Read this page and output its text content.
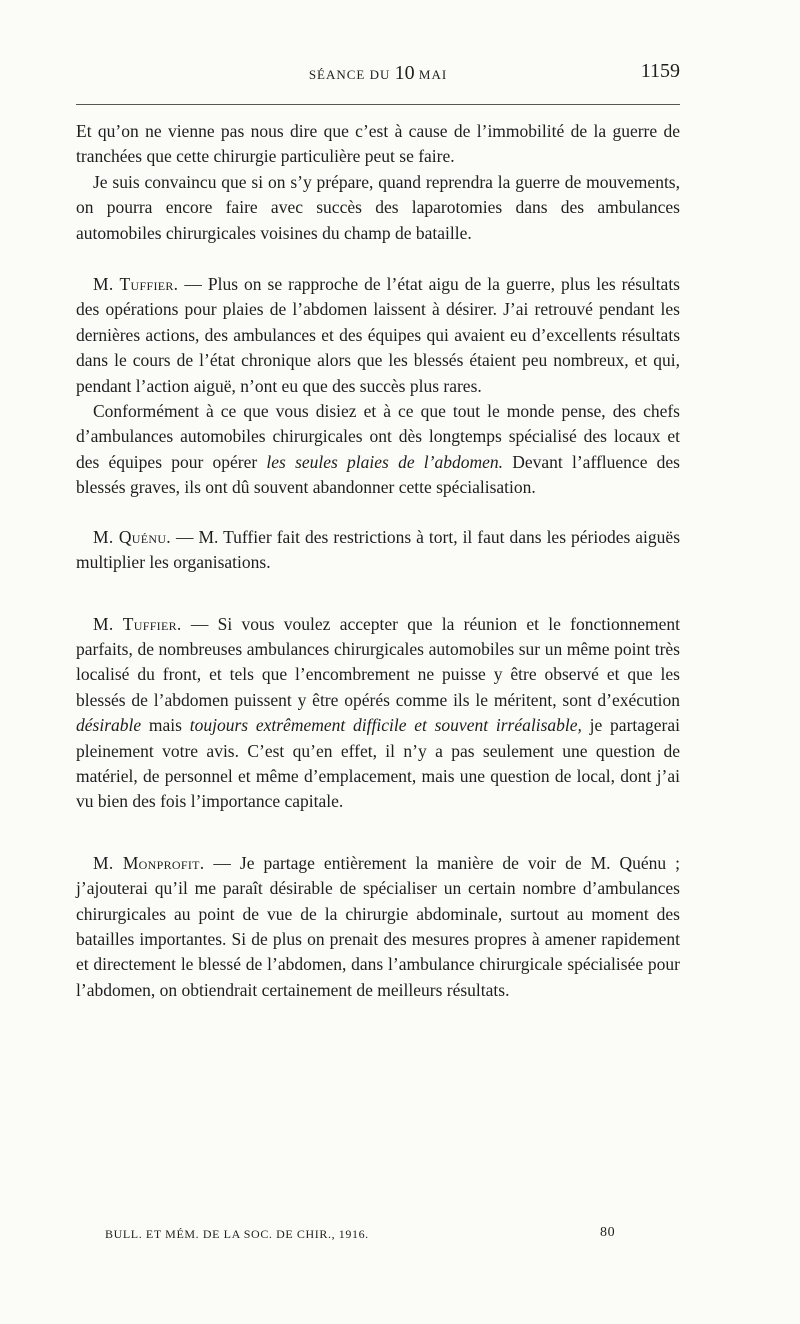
SÉANCE DU 10 MAI	1159

Et qu’on ne vienne pas nous dire que c’est à cause de l’immobilité de la guerre de tranchées que cette chirurgie particulière peut se faire.

Je suis convaincu que si on s’y prépare, quand reprendra la guerre de mouvements, on pourra encore faire avec succès des laparotomies dans des ambulances automobiles chirurgicales voisines du champ de bataille.

M. Tuffier. — Plus on se rapproche de l’état aigu de la guerre, plus les résultats des opérations pour plaies de l’abdomen laissent à désirer. J’ai retrouvé pendant les dernières actions, des ambulances et des équipes qui avaient eu d’excellents résultats dans le cours de l’état chronique alors que les blessés étaient peu nombreux, et qui, pendant l’action aiguë, n’ont eu que des succès plus rares.

Conformément à ce que vous disiez et à ce que tout le monde pense, des chefs d’ambulances automobiles chirurgicales ont dès longtemps spécialisé des locaux et des équipes pour opérer les seules plaies de l’abdomen. Devant l’affluence des blessés graves, ils ont dû souvent abandonner cette spécialisation.

M. Quénu. — M. Tuffier fait des restrictions à tort, il faut dans les périodes aiguës multiplier les organisations.

M. Tuffier. — Si vous voulez accepter que la réunion et le fonctionnement parfaits, de nombreuses ambulances chirurgicales automobiles sur un même point très localisé du front, et tels que l’encombrement ne puisse y être observé et que les blessés de l’abdomen puissent y être opérés comme ils le méritent, sont d’exécution désirable mais toujours extrêmement difficile et souvent irréalisable, je partagerai pleinement votre avis. C’est qu’en effet, il n’y a pas seulement une question de matériel, de personnel et même d’emplacement, mais une question de local, dont j’ai vu bien des fois l’importance capitale.

M. Monprofit. — Je partage entièrement la manière de voir de M. Quénu ; j’ajouterai qu’il me paraît désirable de spécialiser un certain nombre d’ambulances chirurgicales au point de vue de la chirurgie abdominale, surtout au moment des batailles importantes. Si de plus on prenait des mesures propres à amener rapidement et directement le blessé de l’abdomen, dans l’ambulance chirurgicale spécialisée pour l’abdomen, on obtiendrait certainement de meilleurs résultats.

BULL. ET MÉM. DE LA SOC. DE CHIR., 1916.	80
